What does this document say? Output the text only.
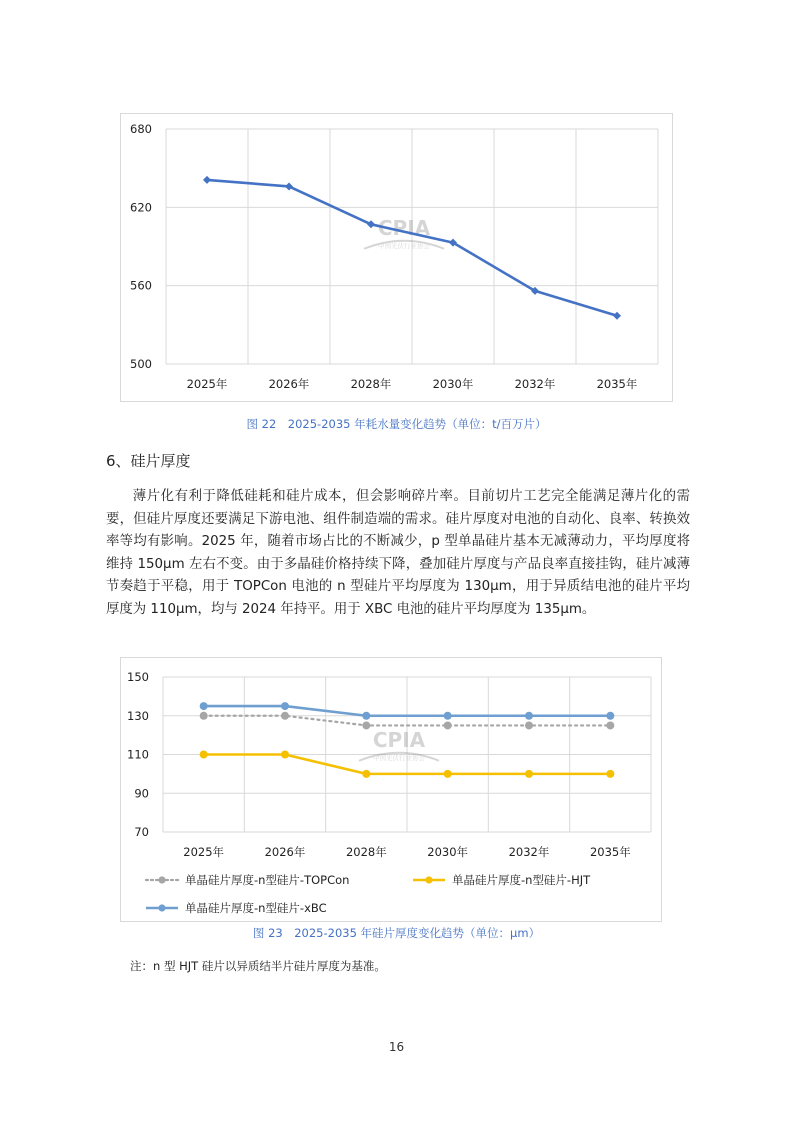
500
560
620
680
2025年	2026年	2028年	2030年	2032年	2035年
CPIA
中国光伏行业协会
图 22　2025-2035 年耗水量变化趋势（单位：t/百万片）
6、硅片厚度
薄片化有利于降低硅耗和硅片成本，但会影响碎片率。目前切片工艺完全能满足薄片化的需要，但硅片厚度还要满足下游电池、组件制造端的需求。硅片厚度对电池的自动化、良率、转换效率等均有影响。2025 年，随着市场占比的不断减少，p 型单晶硅片基本无减薄动力，平均厚度将维持 150μm 左右不变。由于多晶硅价格持续下降，叠加硅片厚度与产品良率直接挂钩，硅片减薄节奏趋于平稳，用于 TOPCon 电池的 n 型硅片平均厚度为 130μm，用于异质结电池的硅片平均厚度为 110μm，均与 2024 年持平。用于 XBC 电池的硅片平均厚度为 135μm。
70
90
110
130
150
2025年	2026年	2028年	2030年	2032年	2035年
CPIA
中国光伏行业协会
单晶硅片厚度-n型硅片-TOPCon	单晶硅片厚度-n型硅片-HJT
单晶硅片厚度-n型硅片-xBC
图 23　2025-2035 年硅片厚度变化趋势（单位：μm）
注：n 型 HJT 硅片以异质结半片硅片厚度为基准。
16
